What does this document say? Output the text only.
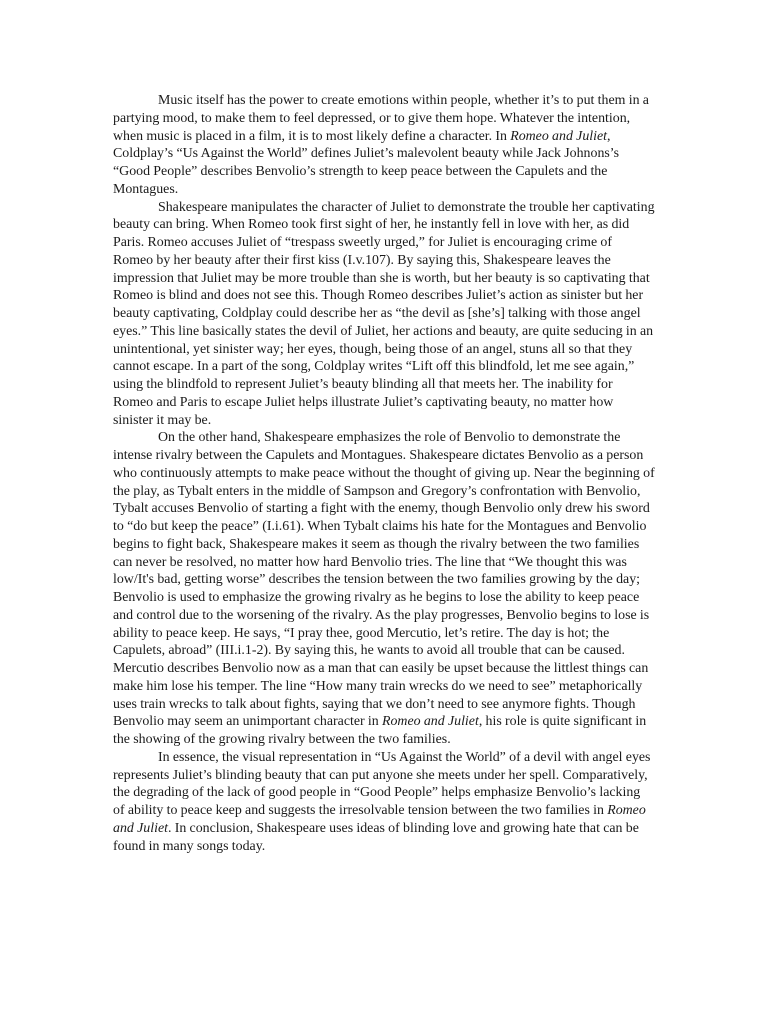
Music itself has the power to create emotions within people, whether it’s to put them in a partying mood, to make them to feel depressed, or to give them hope. Whatever the intention, when music is placed in a film, it is to most likely define a character. In Romeo and Juliet, Coldplay’s “Us Against the World” defines Juliet’s malevolent beauty while Jack Johnons’s “Good People” describes Benvolio’s strength to keep peace between the Capulets and the Montagues.

Shakespeare manipulates the character of Juliet to demonstrate the trouble her captivating beauty can bring. When Romeo took first sight of her, he instantly fell in love with her, as did Paris. Romeo accuses Juliet of “trespass sweetly urged,” for Juliet is encouraging crime of Romeo by her beauty after their first kiss (I.v.107). By saying this, Shakespeare leaves the impression that Juliet may be more trouble than she is worth, but her beauty is so captivating that Romeo is blind and does not see this. Though Romeo describes Juliet’s action as sinister but her beauty captivating, Coldplay could describe her as “the devil as [she’s] talking with those angel eyes.” This line basically states the devil of Juliet, her actions and beauty, are quite seducing in an unintentional, yet sinister way; her eyes, though, being those of an angel, stuns all so that they cannot escape. In a part of the song, Coldplay writes “Lift off this blindfold, let me see again,” using the blindfold to represent Juliet’s beauty blinding all that meets her. The inability for Romeo and Paris to escape Juliet helps illustrate Juliet’s captivating beauty, no matter how sinister it may be.

On the other hand, Shakespeare emphasizes the role of Benvolio to demonstrate the intense rivalry between the Capulets and Montagues. Shakespeare dictates Benvolio as a person who continuously attempts to make peace without the thought of giving up. Near the beginning of the play, as Tybalt enters in the middle of Sampson and Gregory’s confrontation with Benvolio, Tybalt accuses Benvolio of starting a fight with the enemy, though Benvolio only drew his sword to “do but keep the peace” (I.i.61). When Tybalt claims his hate for the Montagues and Benvolio begins to fight back, Shakespeare makes it seem as though the rivalry between the two families can never be resolved, no matter how hard Benvolio tries. The line that “We thought this was low/It's bad, getting worse” describes the tension between the two families growing by the day; Benvolio is used to emphasize the growing rivalry as he begins to lose the ability to keep peace and control due to the worsening of the rivalry. As the play progresses, Benvolio begins to lose is ability to peace keep. He says, “I pray thee, good Mercutio, let’s retire. The day is hot; the Capulets, abroad” (III.i.1-2). By saying this, he wants to avoid all trouble that can be caused. Mercutio describes Benvolio now as a man that can easily be upset because the littlest things can make him lose his temper. The line “How many train wrecks do we need to see” metaphorically uses train wrecks to talk about fights, saying that we don’t need to see anymore fights. Though Benvolio may seem an unimportant character in Romeo and Juliet, his role is quite significant in the showing of the growing rivalry between the two families.

In essence, the visual representation in “Us Against the World” of a devil with angel eyes represents Juliet’s blinding beauty that can put anyone she meets under her spell. Comparatively, the degrading of the lack of good people in “Good People” helps emphasize Benvolio’s lacking of ability to peace keep and suggests the irresolvable tension between the two families in Romeo and Juliet. In conclusion, Shakespeare uses ideas of blinding love and growing hate that can be found in many songs today.
